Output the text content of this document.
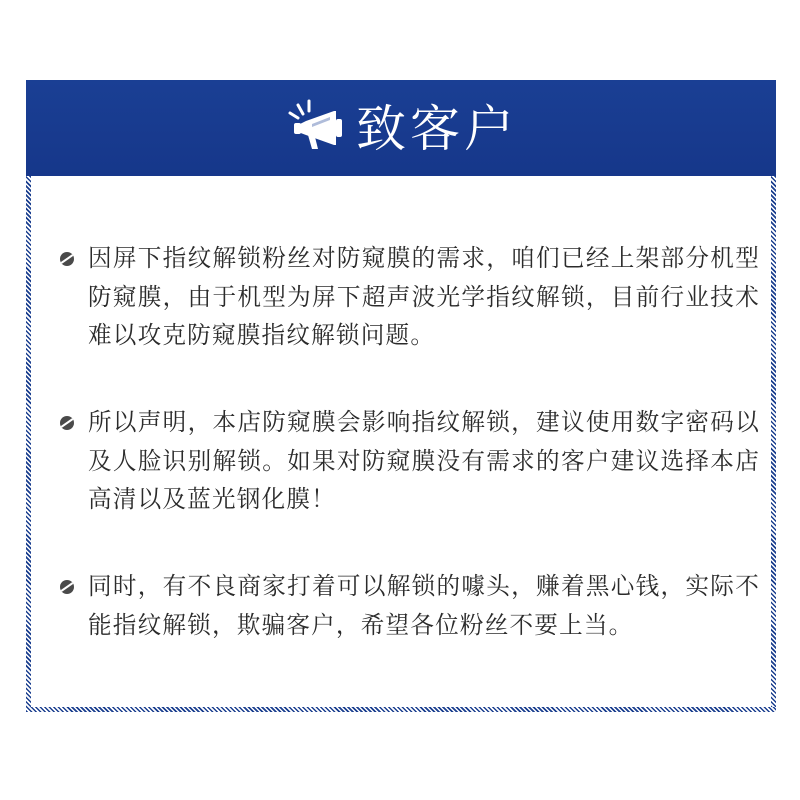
致客户
因屏下指纹解锁粉丝对防窥膜的需求，咱们已经上架部分机型防窥膜，由于机型为屏下超声波光学指纹解锁，目前行业技术难以攻克防窥膜指纹解锁问题。
所以声明，本店防窥膜会影响指纹解锁，建议使用数字密码以及人脸识别解锁。如果对防窥膜没有需求的客户建议选择本店高清以及蓝光钢化膜！
同时，有不良商家打着可以解锁的噱头，赚着黑心钱，实际不能指纹解锁，欺骗客户，希望各位粉丝不要上当。
